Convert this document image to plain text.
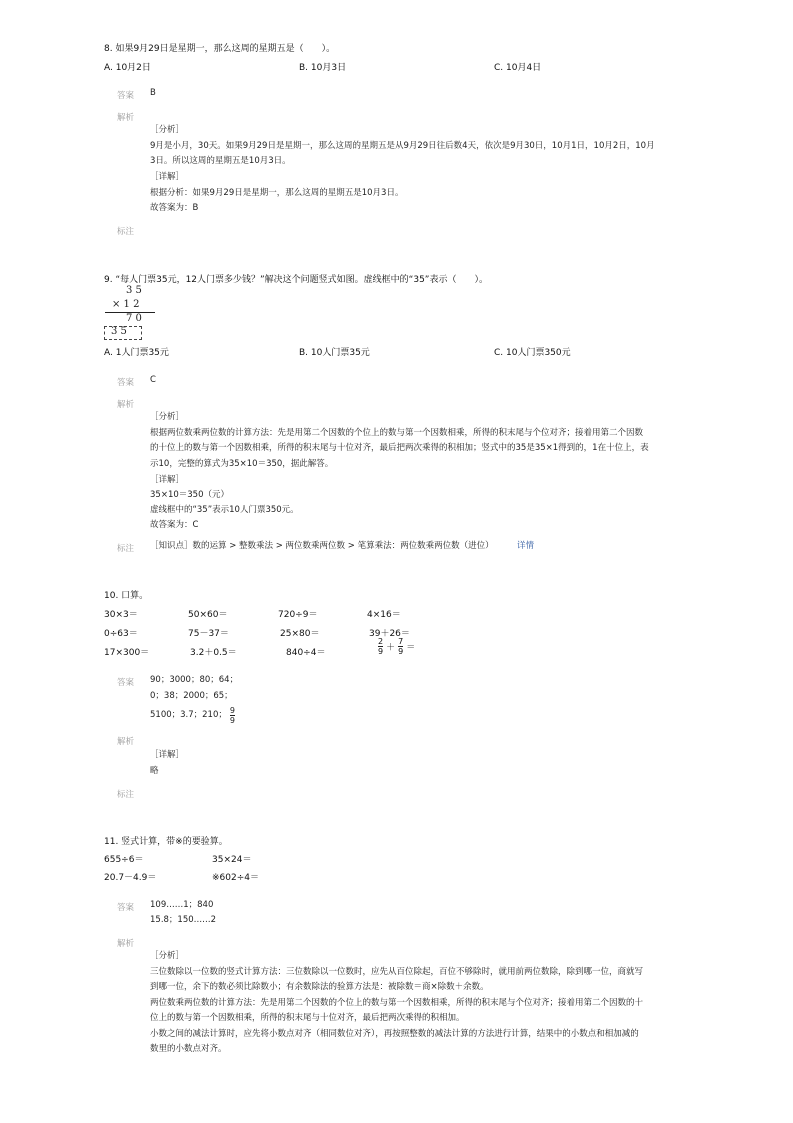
8. 如果9月29日是星期一，那么这周的星期五是（　　）。
A. 10月2日	B. 10月3日	C. 10月4日
答案 B
解析
［分析］
9月是小月，30天。如果9月29日是星期一，那么这周的星期五是从9月29日往后数4天，依次是9月30日，10月1日，10月2日，10月
3日。所以这周的星期五是10月3日。
［详解］
根据分析：如果9月29日是星期一，那么这周的星期五是10月3日。
故答案为：B
标注
9. “每人门票35元，12人门票多少钱？”解决这个问题竖式如图。虚线框中的“35”表示（　　）。
3 5
× 1 2
7 0
3 5
A. 1人门票35元	B. 10人门票35元	C. 10人门票350元
答案 C
解析
［分析］
根据两位数乘两位数的计算方法：先是用第二个因数的个位上的数与第一个因数相乘，所得的积末尾与个位对齐；接着用第二个因数
的十位上的数与第一个因数相乘，所得的积末尾与十位对齐，最后把两次乘得的积相加；竖式中的35是35×1得到的，1在十位上，表
示10，完整的算式为35×10＝350，据此解答。
［详解］
35×10＝350（元）
虚线框中的“35”表示10人门票350元。
故答案为：C
标注 ［知识点］数的运算 > 整数乘法 > 两位数乘两位数 > 笔算乘法：两位数乘两位数（进位）	详情
10. 口算。
30×3＝	50×60＝	720÷9＝	4×16＝
0÷63＝	75－37＝	25×80＝	39＋26＝
17×300＝	3.2＋0.5＝	840÷4＝	$\frac{2}{9} + \frac{7}{9}$ ＝
答案 90；3000；80；64；
0；38；2000；65；
5100；3.7；210； $\frac{9}{9}$
解析
［详解］
略
标注
11. 竖式计算，带※的要验算。
655÷6＝	35×24＝
20.7－4.9＝	※602÷4＝
答案 109……1；840
15.8；150……2
解析
［分析］
三位数除以一位数的竖式计算方法：三位数除以一位数时，应先从百位除起，百位不够除时，就用前两位数除，除到哪一位，商就写
到哪一位，余下的数必须比除数小；有余数除法的验算方法是：被除数＝商×除数＋余数。
两位数乘两位数的计算方法：先是用第二个因数的个位上的数与第一个因数相乘，所得的积末尾与个位对齐；接着用第二个因数的十
位上的数与第一个因数相乘，所得的积末尾与十位对齐，最后把两次乘得的积相加。
小数之间的减法计算时，应先将小数点对齐（相同数位对齐），再按照整数的减法计算的方法进行计算，结果中的小数点和相加减的
数里的小数点对齐。
